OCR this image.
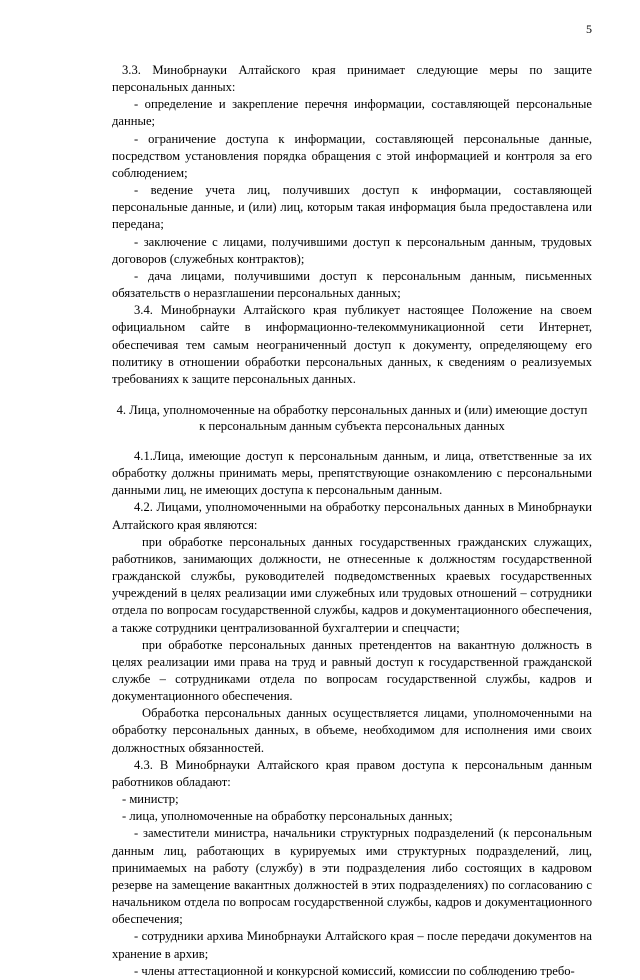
5

3.3. Минобрнауки Алтайского края принимает следующие меры по защите персональных данных:

- определение и закрепление перечня информации, составляющей персональные данные;

- ограничение доступа к информации, составляющей персональные данные, посредством установления порядка обращения с этой информацией и контроля за его соблюдением;

- ведение учета лиц, получивших доступ к информации, составляющей персональные данные, и (или) лиц, которым такая информация была предоставлена или передана;

- заключение с лицами, получившими доступ к персональным данным, трудовых договоров (служебных контрактов);

- дача лицами, получившими доступ к персональным данным, письменных обязательств о неразглашении персональных данных;

3.4. Минобрнауки Алтайского края публикует настоящее Положение на своем официальном сайте в информационно-телекоммуникационной сети Интернет, обеспечивая тем самым неограниченный доступ к документу, определяющему его политику в отношении обработки персональных данных, к сведениям о реализуемых требованиях к защите персональных данных.

4. Лица, уполномоченные на обработку персональных данных и (или) имеющие доступ к персональным данным субъекта персональных данных

4.1.Лица, имеющие доступ к персональным данным, и лица, ответственные за их обработку должны принимать меры, препятствующие ознакомлению с персональными данными лиц, не имеющих доступа к персональным данным.

4.2. Лицами, уполномоченными на обработку персональных данных в Минобрнауки Алтайского края являются:

при обработке персональных данных государственных гражданских служащих, работников, занимающих должности, не отнесенные к должностям государственной гражданской службы, руководителей подведомственных краевых государственных учреждений в целях реализации ими служебных или трудовых отношений – сотрудники отдела по вопросам государственной службы, кадров и документационного обеспечения, а также сотрудники централизованной бухгалтерии и спецчасти;

при обработке персональных данных претендентов на вакантную должность в целях реализации ими права на труд и равный доступ к государственной гражданской службе – сотрудниками отдела по вопросам государственной службы, кадров и документационного обеспечения.

Обработка персональных данных осуществляется лицами, уполномоченными на обработку персональных данных, в объеме, необходимом для исполнения ими своих должностных обязанностей.

4.3. В Минобрнауки Алтайского края правом доступа к персональным данным работников обладают:

- министр;

- лица, уполномоченные на обработку персональных данных;

- заместители министра, начальники структурных подразделений (к персональным данным лиц, работающих в курируемых ими структурных подразделений, лиц, принимаемых на работу (службу) в эти подразделения либо состоящих в кадровом резерве на замещение вакантных должностей в этих подразделениях) по согласованию с начальником отдела по вопросам государственной службы, кадров и документационного обеспечения;

- сотрудники архива Минобрнауки Алтайского края – после передачи документов на хранение в архив;

- члены аттестационной и конкурсной комиссий, комиссии по соблюдению требо-
